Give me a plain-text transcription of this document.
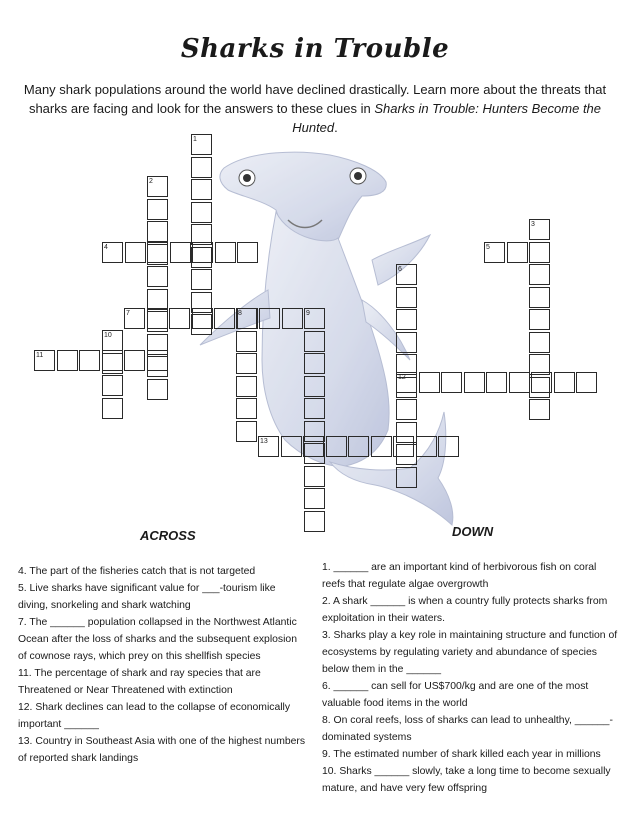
Sharks in Trouble
Many shark populations around the world have declined drastically. Learn more about the threats that sharks are facing and look for the answers to these clues in Sharks in Trouble: Hunters Become the Hunted.
1
2
3
4	5
6
7	8	9
10
11
12
13
ACROSS	DOWN

4. The part of the fisheries catch that is not targeted

5. Live sharks have significant value for ___-tourism like diving, snorkeling and shark watching

7. The ______ population collapsed in the Northwest Atlantic Ocean after the loss of sharks and the subsequent explosion of cownose rays, which prey on this shellfish species

11. The percentage of shark and ray species that are Threatened or Near Threatened with extinction

12. Shark declines can lead to the collapse of economically important ______

13. Country in Southeast Asia with one of the highest numbers of reported shark landings

1. ______ are an important kind of herbivorous fish on coral reefs that regulate algae overgrowth

2. A shark ______ is when a country fully protects sharks from exploitation in their waters.

3. Sharks play a key role in maintaining structure and function of ecosystems by regulating variety and abundance of species below them in the ______

6. ______ can sell for US$700/kg and are one of the most valuable food items in the world

8. On coral reefs, loss of sharks can lead to unhealthy, ______-dominated systems

9. The estimated number of shark killed each year in millions

10. Sharks ______ slowly, take a long time to become sexually mature, and have very few offspring
